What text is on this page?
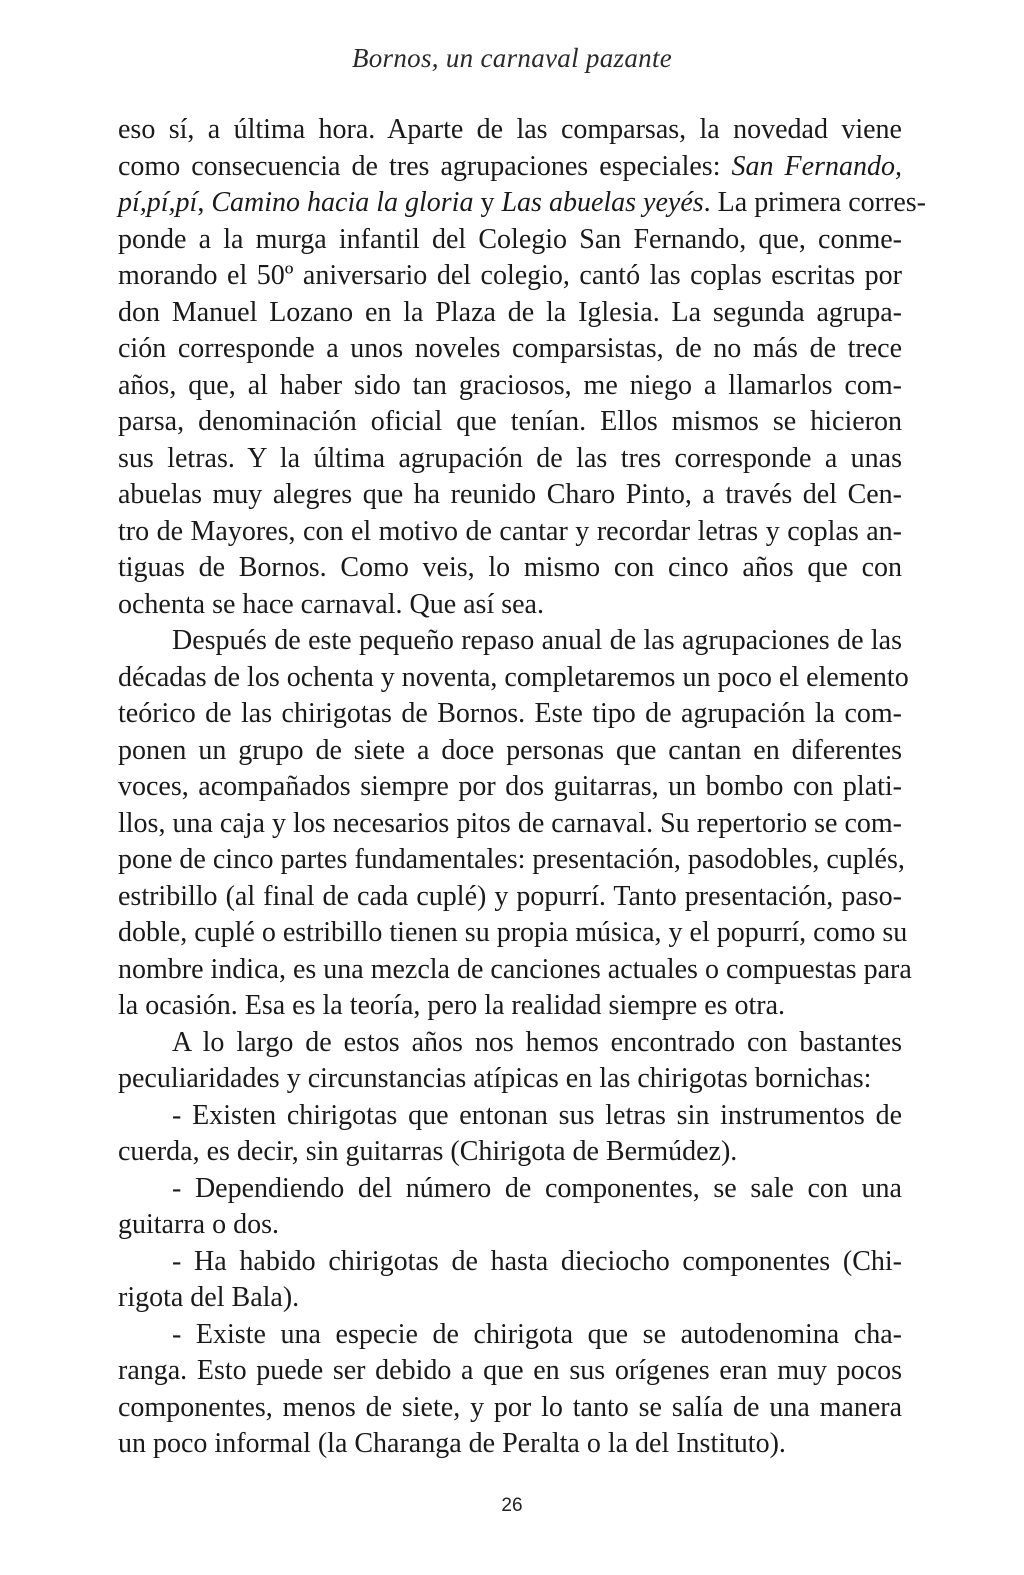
Bornos, un carnaval pazante
eso sí, a última hora. Aparte de las comparsas, la novedad viene
como consecuencia de tres agrupaciones especiales: San Fernando,
pí,pí,pí, Camino hacia la gloria y Las abuelas yeyés. La primera corres-
ponde a la murga infantil del Colegio San Fernando, que, conme-
morando el 50º aniversario del colegio, cantó las coplas escritas por
don Manuel Lozano en la Plaza de la Iglesia. La segunda agrupa-
ción corresponde a unos noveles comparsistas, de no más de trece
años, que, al haber sido tan graciosos, me niego a llamarlos com-
parsa, denominación oficial que tenían. Ellos mismos se hicieron
sus letras. Y la última agrupación de las tres corresponde a unas
abuelas muy alegres que ha reunido Charo Pinto, a través del Cen-
tro de Mayores, con el motivo de cantar y recordar letras y coplas an-
tiguas de Bornos. Como veis, lo mismo con cinco años que con
ochenta se hace carnaval. Que así sea.
Después de este pequeño repaso anual de las agrupaciones de las
décadas de los ochenta y noventa, completaremos un poco el elemento
teórico de las chirigotas de Bornos. Este tipo de agrupación la com-
ponen un grupo de siete a doce personas que cantan en diferentes
voces, acompañados siempre por dos guitarras, un bombo con plati-
llos, una caja y los necesarios pitos de carnaval. Su repertorio se com-
pone de cinco partes fundamentales: presentación, pasodobles, cuplés,
estribillo (al final de cada cuplé) y popurrí. Tanto presentación, paso-
doble, cuplé o estribillo tienen su propia música, y el popurrí, como su
nombre indica, es una mezcla de canciones actuales o compuestas para
la ocasión. Esa es la teoría, pero la realidad siempre es otra.
A lo largo de estos años nos hemos encontrado con bastantes
peculiaridades y circunstancias atípicas en las chirigotas bornichas:
- Existen chirigotas que entonan sus letras sin instrumentos de
cuerda, es decir, sin guitarras (Chirigota de Bermúdez).
- Dependiendo del número de componentes, se sale con una
guitarra o dos.
- Ha habido chirigotas de hasta dieciocho componentes (Chi-
rigota del Bala).
- Existe una especie de chirigota que se autodenomina cha-
ranga. Esto puede ser debido a que en sus orígenes eran muy pocos
componentes, menos de siete, y por lo tanto se salía de una manera
un poco informal (la Charanga de Peralta o la del Instituto).
26
